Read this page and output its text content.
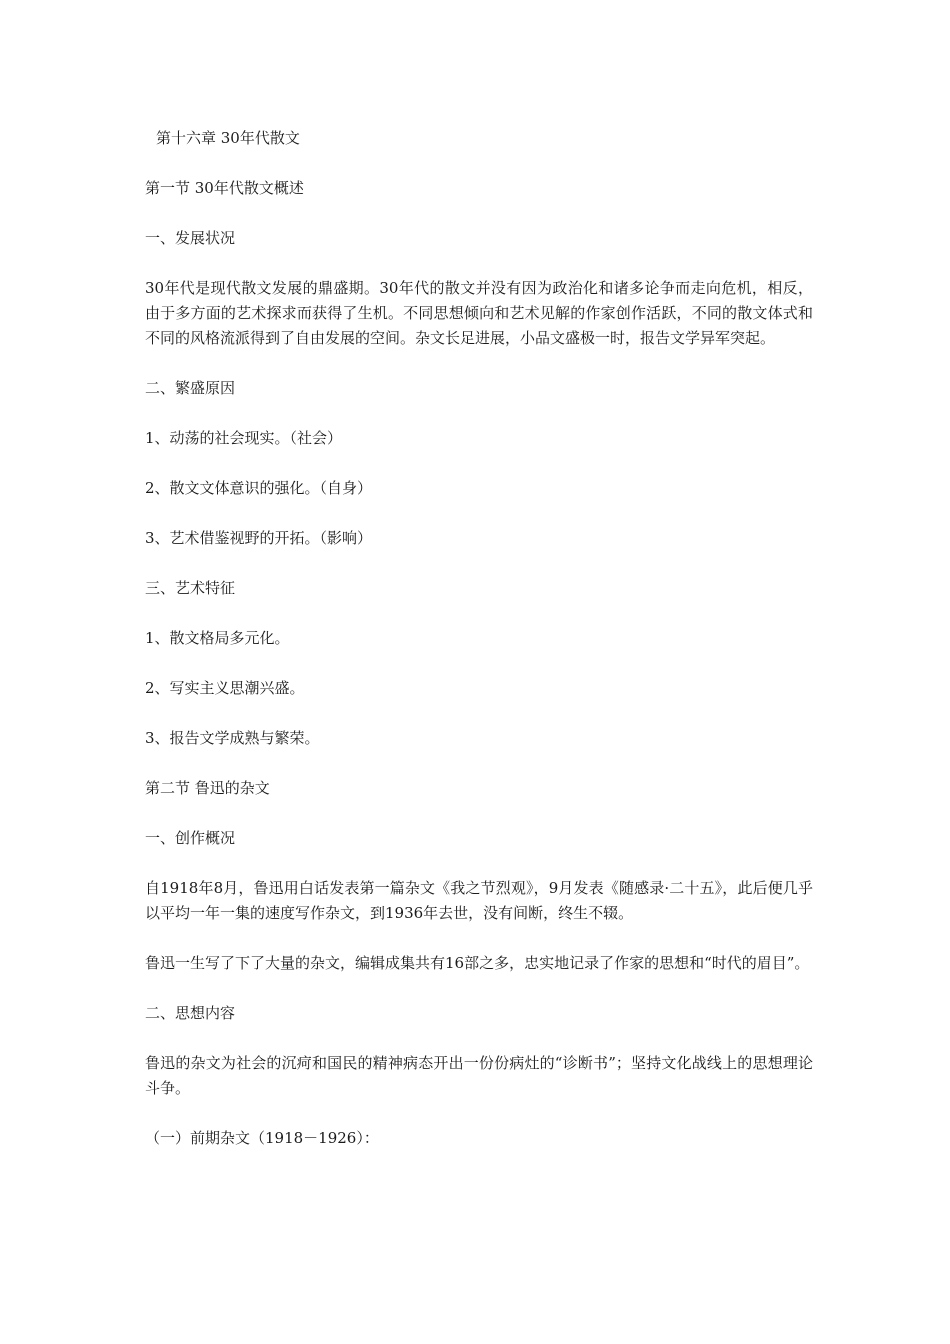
第十六章 30年代散文

第一节 30年代散文概述

一、发展状况

30年代是现代散文发展的鼎盛期。30年代的散文并没有因为政治化和诸多论争而走向危机，相反，由于多方面的艺术探求而获得了生机。不同思想倾向和艺术见解的作家创作活跃，不同的散文体式和不同的风格流派得到了自由发展的空间。杂文长足进展，小品文盛极一时，报告文学异军突起。

二、繁盛原因

1、动荡的社会现实。（社会）

2、散文文体意识的强化。（自身）

3、艺术借鉴视野的开拓。（影响）

三、艺术特征

1、散文格局多元化。

2、写实主义思潮兴盛。

3、报告文学成熟与繁荣。

第二节 鲁迅的杂文

一、创作概况

自1918年8月，鲁迅用白话发表第一篇杂文《我之节烈观》，9月发表《随感录·二十五》，此后便几乎以平均一年一集的速度写作杂文，到1936年去世，没有间断，终生不辍。

鲁迅一生写了下了大量的杂文，编辑成集共有16部之多，忠实地记录了作家的思想和“时代的眉目”。

二、思想内容

鲁迅的杂文为社会的沉疴和国民的精神病态开出一份份病灶的“诊断书”；坚持文化战线上的思想理论斗争。

（一）前期杂文（1918－1926）：
